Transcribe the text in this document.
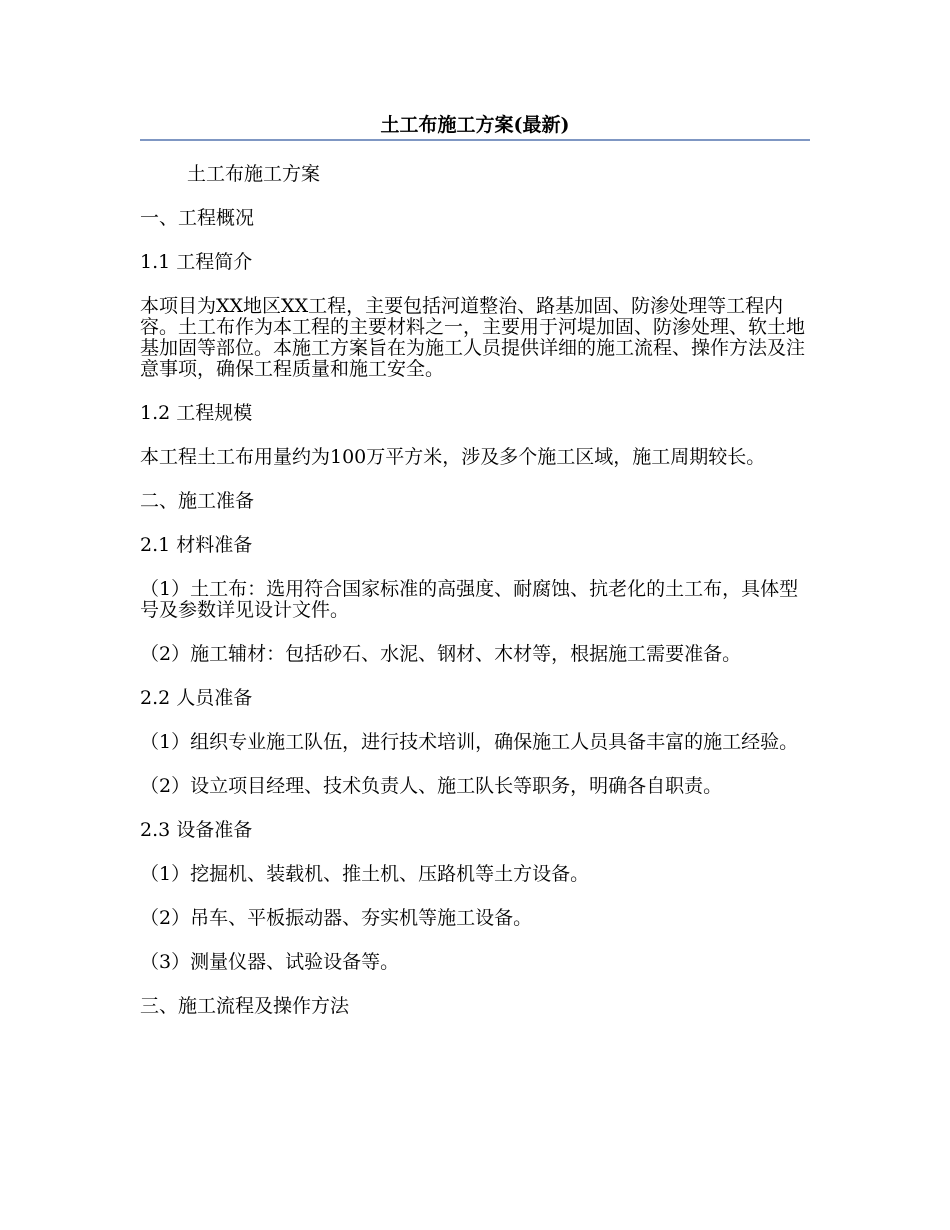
土工布施工方案(最新)

土工布施工方案

一、工程概况

1.1 工程简介

本项目为XX地区XX工程，主要包括河道整治、路基加固、防渗处理等工程内容。土工布作为本工程的主要材料之一，主要用于河堤加固、防渗处理、软土地基加固等部位。本施工方案旨在为施工人员提供详细的施工流程、操作方法及注意事项，确保工程质量和施工安全。

1.2 工程规模

本工程土工布用量约为100万平方米，涉及多个施工区域，施工周期较长。

二、施工准备

2.1 材料准备

（1）土工布：选用符合国家标准的高强度、耐腐蚀、抗老化的土工布，具体型号及参数详见设计文件。

（2）施工辅材：包括砂石、水泥、钢材、木材等，根据施工需要准备。

2.2 人员准备

（1）组织专业施工队伍，进行技术培训，确保施工人员具备丰富的施工经验。

（2）设立项目经理、技术负责人、施工队长等职务，明确各自职责。

2.3 设备准备

（1）挖掘机、装载机、推土机、压路机等土方设备。

（2）吊车、平板振动器、夯实机等施工设备。

（3）测量仪器、试验设备等。

三、施工流程及操作方法
